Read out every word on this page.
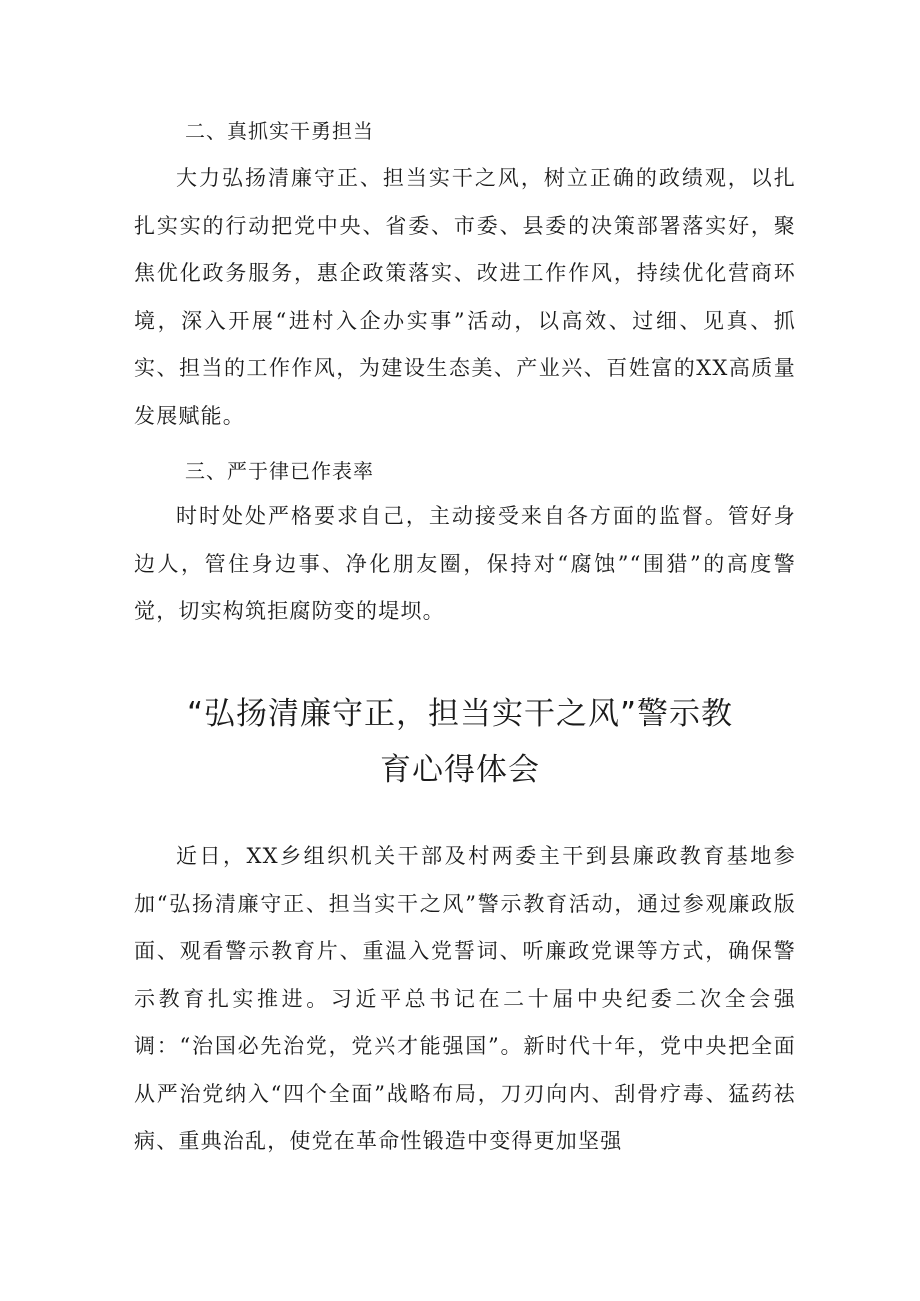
二、真抓实干勇担当
大力弘扬清廉守正、担当实干之风，树立正确的政绩观，以扎扎实实的行动把党中央、省委、市委、县委的决策部署落实好，聚焦优化政务服务，惠企政策落实、改进工作作风，持续优化营商环境，深入开展“进村入企办实事”活动，以高效、过细、见真、抓实、担当的工作作风，为建设生态美、产业兴、百姓富的XX高质量发展赋能。
三、严于律已作表率
时时处处严格要求自己，主动接受来自各方面的监督。管好身边人，管住身边事、净化朋友圈，保持对“腐蚀”“围猎”的高度警觉，切实构筑拒腐防变的堤坝。
“弘扬清廉守正，担当实干之风”警示教
育心得体会
近日，XX乡组织机关干部及村两委主干到县廉政教育基地参加“弘扬清廉守正、担当实干之风”警示教育活动，通过参观廉政版面、观看警示教育片、重温入党誓词、听廉政党课等方式，确保警示教育扎实推进。习近平总书记在二十届中央纪委二次全会强调：“治国必先治党，党兴才能强国”。新时代十年，党中央把全面从严治党纳入“四个全面”战略布局，刀刃向内、刮骨疗毒、猛药祛病、重典治乱，使党在革命性锻造中变得更加坚强
